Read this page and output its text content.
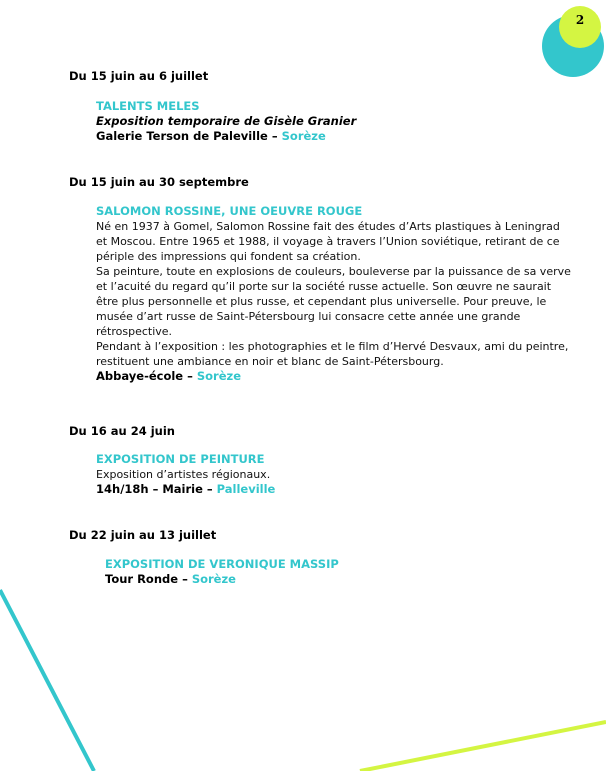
2
Du 15 juin au 6 juillet
TALENTS MELES
Exposition temporaire de Gisèle Granier
Galerie Terson de Paleville – Sorèze
Du 15 juin au 30 septembre
SALOMON ROSSINE, UNE OEUVRE ROUGE
Né en 1937 à Gomel, Salomon Rossine fait des études d’Arts plastiques à Leningrad
et Moscou. Entre 1965 et 1988, il voyage à travers l’Union soviétique, retirant de ce
périple des impressions qui fondent sa création.
Sa peinture, toute en explosions de couleurs, bouleverse par la puissance de sa verve
et l’acuité du regard qu’il porte sur la société russe actuelle. Son œuvre ne saurait
être plus personnelle et plus russe, et cependant plus universelle. Pour preuve, le
musée d’art russe de Saint-Pétersbourg lui consacre cette année une grande
rétrospective.
Pendant à l’exposition : les photographies et le film d’Hervé Desvaux, ami du peintre,
restituent une ambiance en noir et blanc de Saint-Pétersbourg.
Abbaye-école – Sorèze
Du 16 au 24 juin
EXPOSITION DE PEINTURE
Exposition d’artistes régionaux.
14h/18h – Mairie – Palleville
Du 22 juin au 13 juillet
EXPOSITION DE VERONIQUE MASSIP
Tour Ronde – Sorèze
